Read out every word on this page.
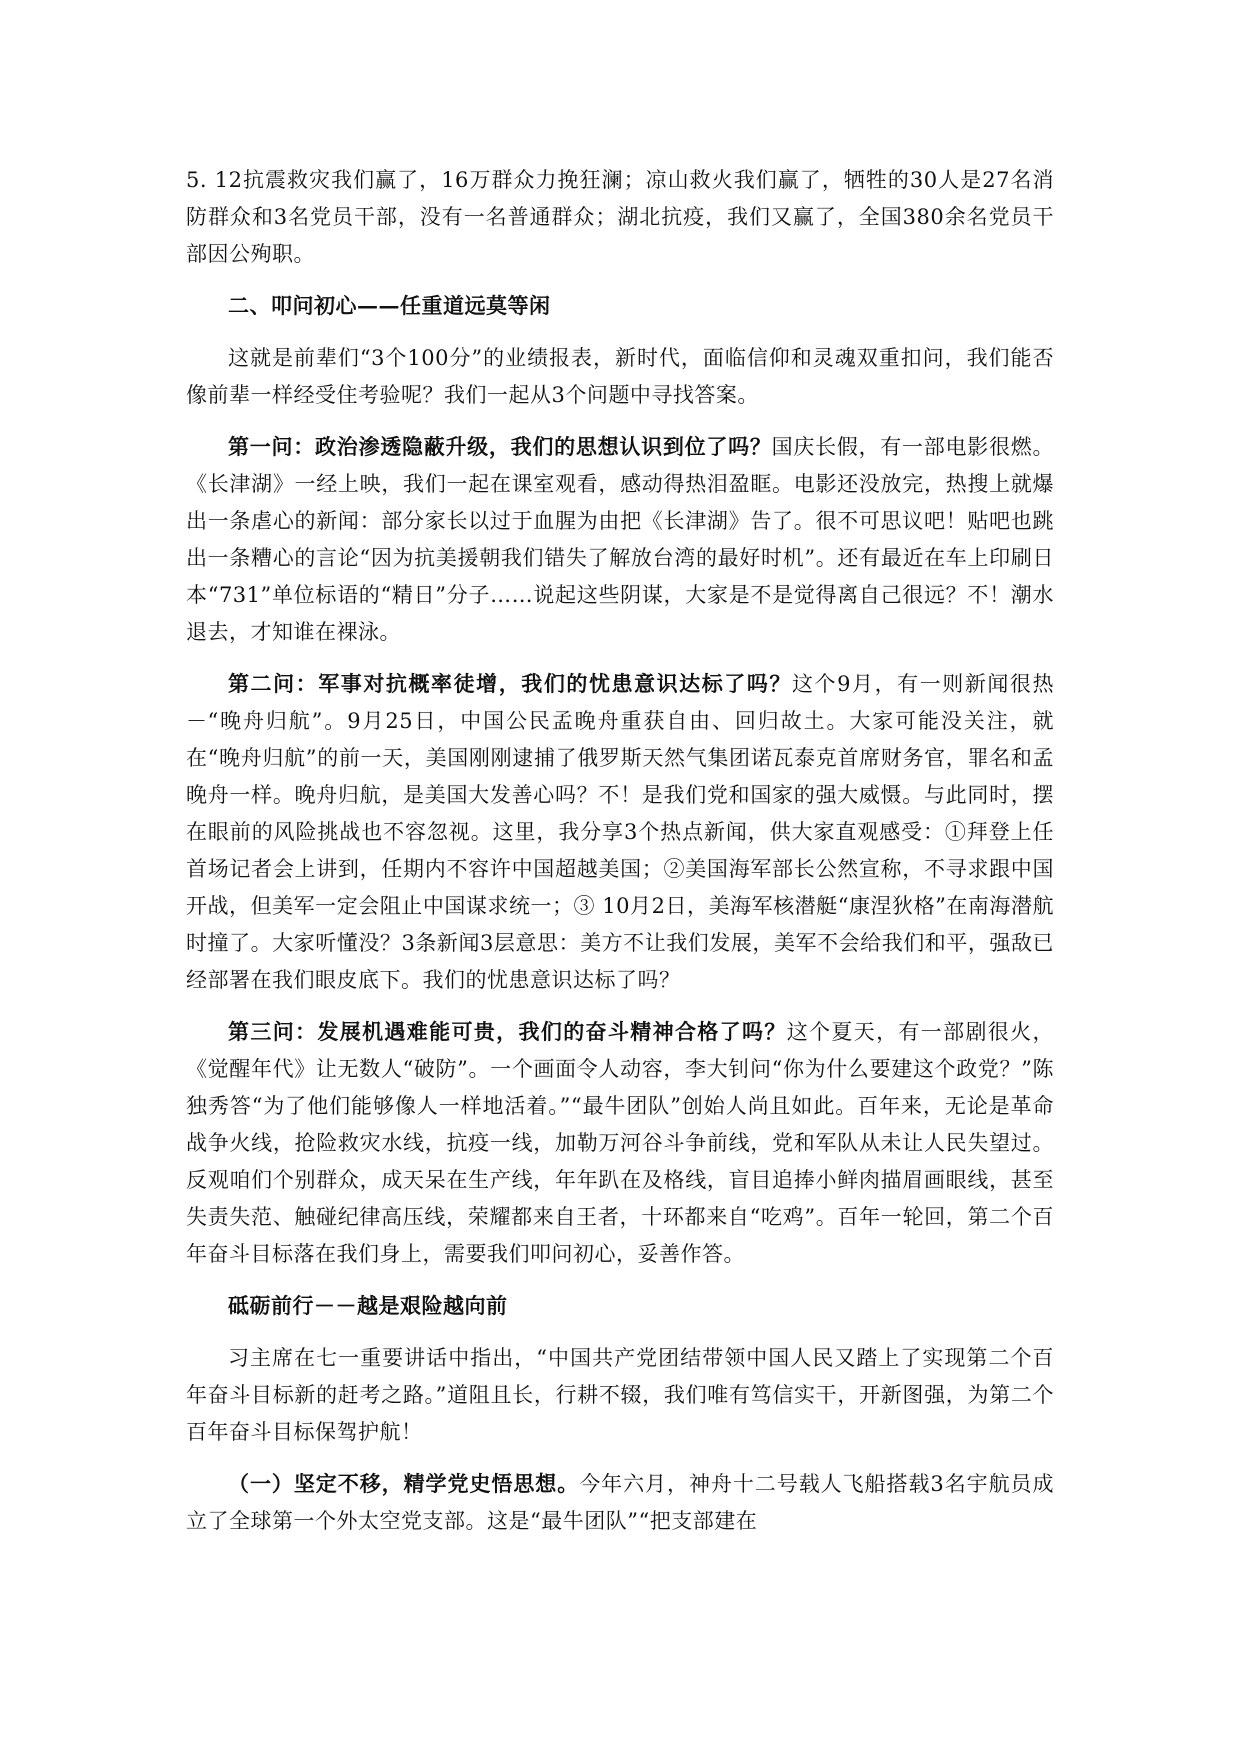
5. 12抗震救灾我们赢了，16万群众力挽狂澜；凉山救火我们赢了，牺牲的30人是27名消防群众和3名党员干部，没有一名普通群众；湖北抗疫，我们又赢了，全国380余名党员干部因公殉职。

二、叩问初心——任重道远莫等闲

这就是前辈们“3个100分”的业绩报表，新时代，面临信仰和灵魂双重扣问，我们能否像前辈一样经受住考验呢？我们一起从3个问题中寻找答案。

第一问：政治渗透隐蔽升级，我们的思想认识到位了吗？国庆长假，有一部电影很燃。《长津湖》一经上映，我们一起在课室观看，感动得热泪盈眶。电影还没放完，热搜上就爆出一条虐心的新闻：部分家长以过于血腥为由把《长津湖》告了。很不可思议吧！贴吧也跳出一条糟心的言论“因为抗美援朝我们错失了解放台湾的最好时机”。还有最近在车上印刷日本“731”单位标语的“精日”分子……说起这些阴谋，大家是不是觉得离自己很远？不！潮水退去，才知谁在裸泳。

第二问：军事对抗概率徒增，我们的忧患意识达标了吗？这个9月，有一则新闻很热－“晚舟归航”。9月25日，中国公民孟晚舟重获自由、回归故土。大家可能没关注，就在“晚舟归航”的前一天，美国刚刚逮捕了俄罗斯天然气集团诺瓦泰克首席财务官，罪名和孟晚舟一样。晚舟归航，是美国大发善心吗？不！是我们党和国家的强大威慑。与此同时，摆在眼前的风险挑战也不容忽视。这里，我分享3个热点新闻，供大家直观感受：①拜登上任首场记者会上讲到，任期内不容许中国超越美国；②美国海军部长公然宣称，不寻求跟中国开战，但美军一定会阻止中国谋求统一；③ 10月2日，美海军核潜艇“康涅狄格”在南海潜航时撞了。大家听懂没？3条新闻3层意思：美方不让我们发展，美军不会给我们和平，强敌已经部署在我们眼皮底下。我们的忧患意识达标了吗？

第三问：发展机遇难能可贵，我们的奋斗精神合格了吗？这个夏天，有一部剧很火，《觉醒年代》让无数人“破防”。一个画面令人动容，李大钊问“你为什么要建这个政党？”陈独秀答“为了他们能够像人一样地活着。”“最牛团队”创始人尚且如此。百年来，无论是革命战争火线，抢险救灾水线，抗疫一线，加勒万河谷斗争前线，党和军队从未让人民失望过。反观咱们个别群众，成天呆在生产线，年年趴在及格线，盲目追捧小鲜肉描眉画眼线，甚至失责失范、触碰纪律高压线，荣耀都来自王者，十环都来自“吃鸡”。百年一轮回，第二个百年奋斗目标落在我们身上，需要我们叩问初心，妥善作答。

砥砺前行－－越是艰险越向前

习主席在七一重要讲话中指出，“中国共产党团结带领中国人民又踏上了实现第二个百年奋斗目标新的赶考之路。”道阻且长，行耕不辍，我们唯有笃信实干，开新图强，为第二个百年奋斗目标保驾护航！

（一）坚定不移，精学党史悟思想。今年六月，神舟十二号载人飞船搭载3名宇航员成立了全球第一个外太空党支部。这是“最牛团队”“把支部建在
